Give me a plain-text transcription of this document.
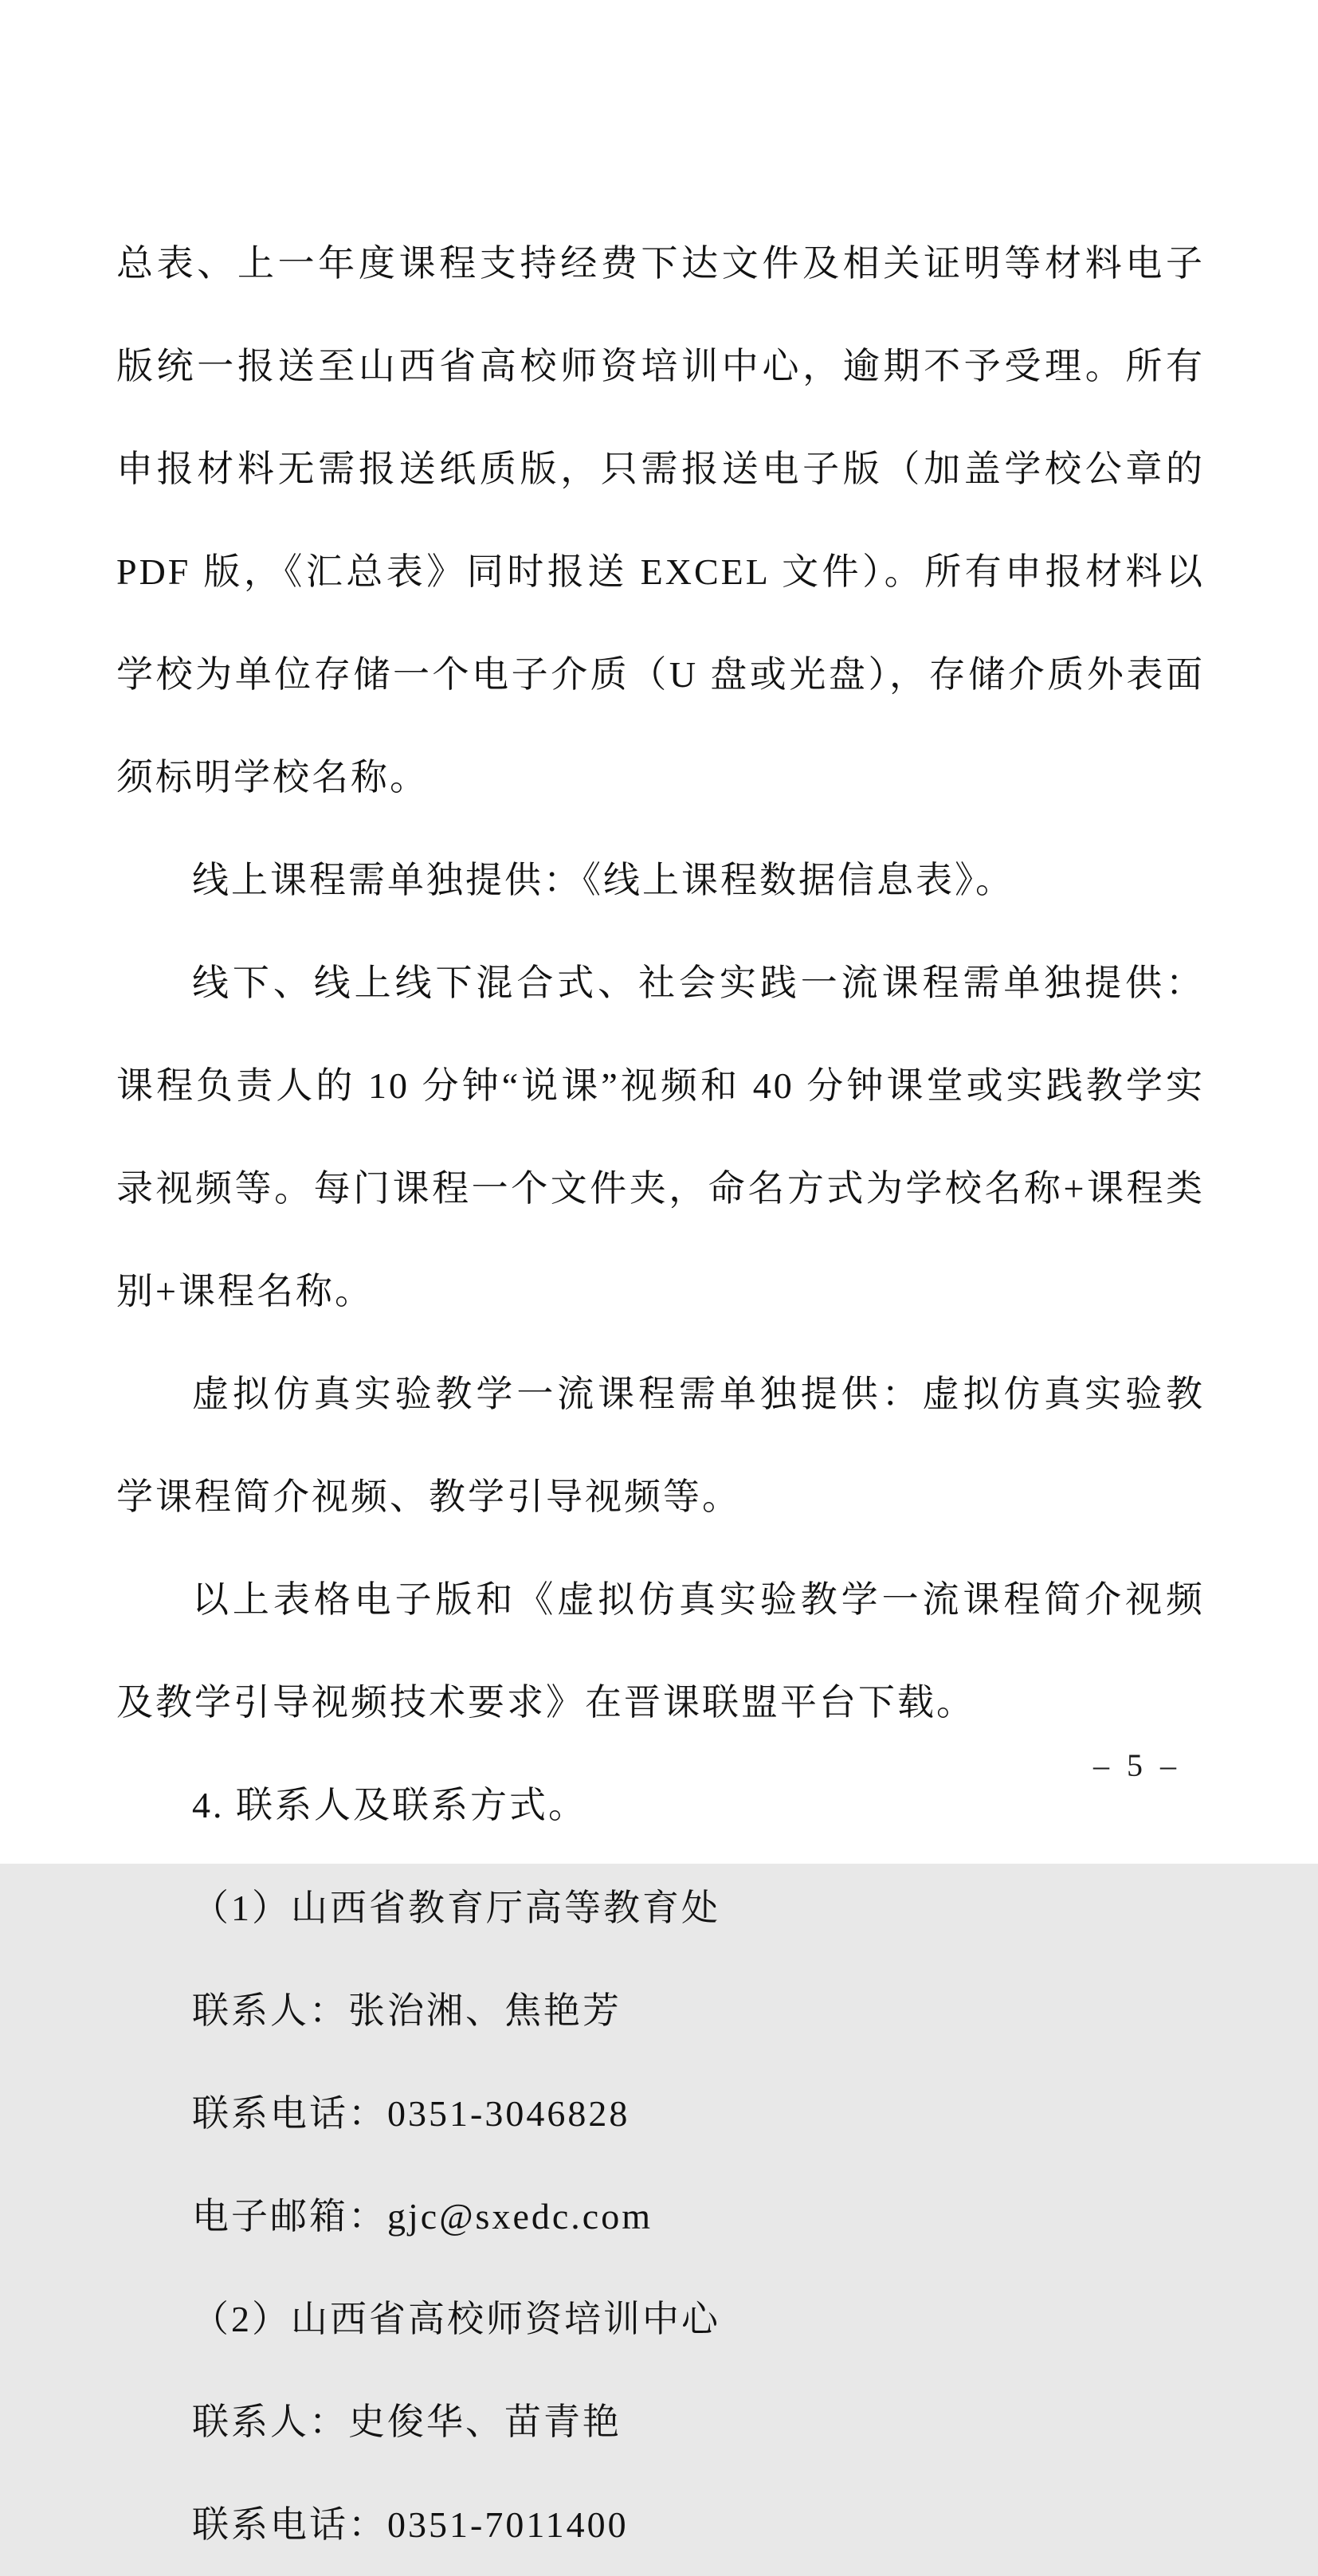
总表、上一年度课程支持经费下达文件及相关证明等材料电子版统一报送至山西省高校师资培训中心，逾期不予受理。所有申报材料无需报送纸质版，只需报送电子版（加盖学校公章的 PDF 版，《汇总表》同时报送 EXCEL 文件）。所有申报材料以学校为单位存储一个电子介质（U 盘或光盘），存储介质外表面须标明学校名称。

线上课程需单独提供：《线上课程数据信息表》。

线下、线上线下混合式、社会实践一流课程需单独提供：课程负责人的 10 分钟“说课”视频和 40 分钟课堂或实践教学实录视频等。每门课程一个文件夹，命名方式为学校名称+课程类别+课程名称。

虚拟仿真实验教学一流课程需单独提供：虚拟仿真实验教学课程简介视频、教学引导视频等。

以上表格电子版和《虚拟仿真实验教学一流课程简介视频及教学引导视频技术要求》在晋课联盟平台下载。

4. 联系人及联系方式。

（1）山西省教育厅高等教育处

联系人：张治湘、焦艳芳

联系电话：0351-3046828

电子邮箱：gjc@sxedc.com

（2）山西省高校师资培训中心

联系人：史俊华、苗青艳

联系电话：0351-7011400

– 5 –
